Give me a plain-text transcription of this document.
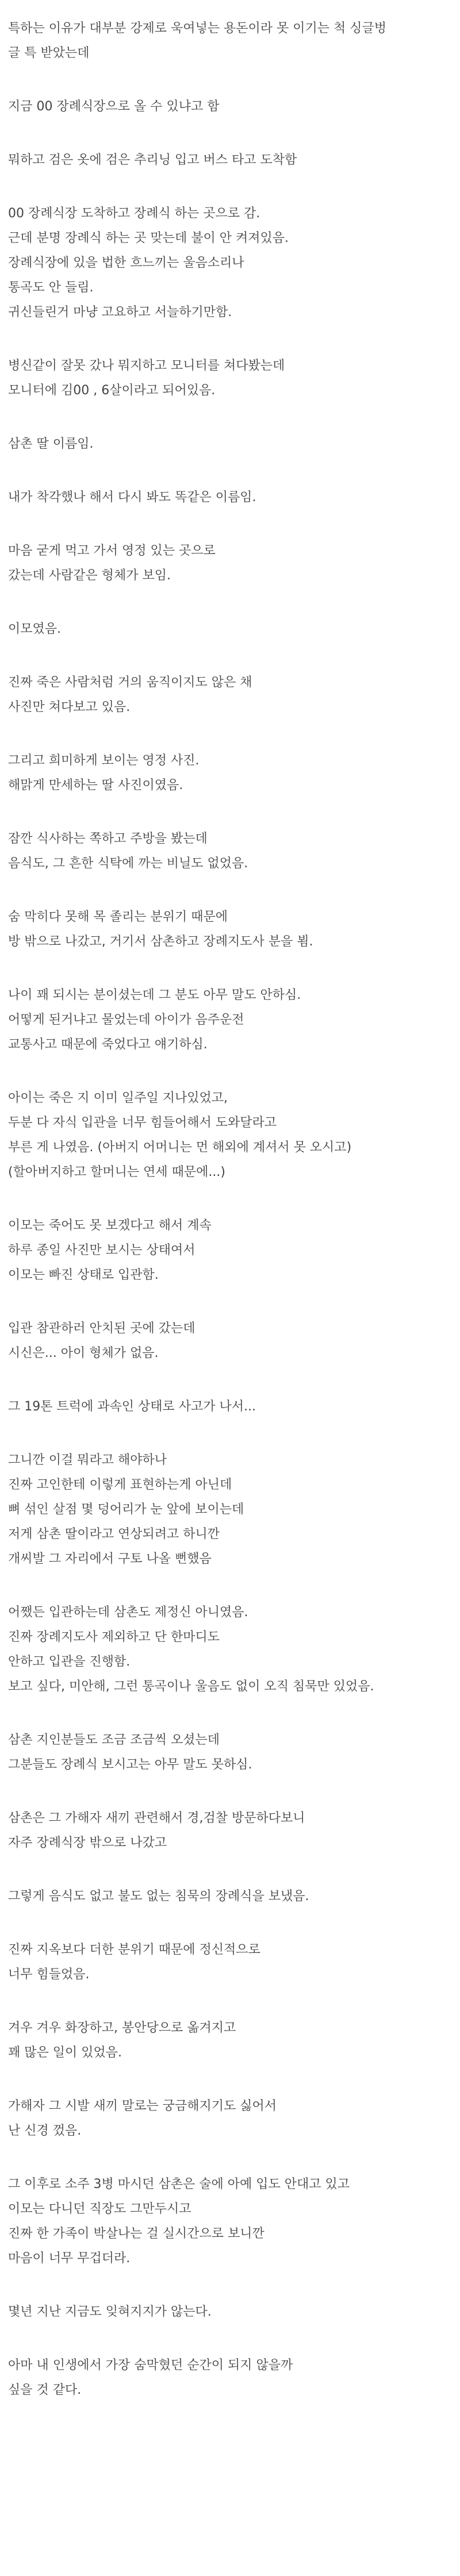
특하는 이유가 대부분 강제로 욱여넣는 용돈이라 못 이기는 척 싱글벙
글 특 받았는데
지금 00 장례식장으로 올 수 있냐고 함
뭐하고 검은 옷에 검은 추리닝 입고 버스 타고 도착함
00 장례식장 도착하고 장례식 하는 곳으로 감.
근데 분명 장례식 하는 곳 맞는데 불이 안 켜져있음.
장례식장에 있을 법한 흐느끼는 울음소리나
통곡도 안 들림.
귀신들린거 마냥 고요하고 서늘하기만함.
병신같이 잘못 갔나 뭐지하고 모니터를 쳐다봤는데
모니터에 김00 , 6살이라고 되어있음.
삼촌 딸 이름임.
내가 착각했나 해서 다시 봐도 똑같은 이름임.
마음 굳게 먹고 가서 영정 있는 곳으로
갔는데 사람같은 형체가 보임.
이모였음.
진짜 죽은 사람처럼 거의 움직이지도 않은 채
사진만 쳐다보고 있음.
그리고 희미하게 보이는 영정 사진.
해맑게 만세하는 딸 사진이였음.
잠깐 식사하는 쪽하고 주방을 봤는데
음식도, 그 흔한 식탁에 까는 비닐도 없었음.
숨 막히다 못해 목 졸리는 분위기 때문에
방 밖으로 나갔고, 거기서 삼촌하고 장례지도사 분을 뵘.
나이 꽤 되시는 분이셨는데 그 분도 아무 말도 안하심.
어떻게 된거냐고 물었는데 아이가 음주운전
교통사고 때문에 죽었다고 얘기하심.
아이는 죽은 지 이미 일주일 지나있었고,
두분 다 자식 입관을 너무 힘들어해서 도와달라고
부른 게 나였음. (아버지 어머니는 먼 해외에 계셔서 못 오시고)
(할아버지하고 할머니는 연세 때문에...)
이모는 죽어도 못 보겠다고 해서 계속
하루 종일 사진만 보시는 상태여서
이모는 빠진 상태로 입관함.
입관 참관하러 안치된 곳에 갔는데
시신은... 아이 형체가 없음.
그 19톤 트럭에 과속인 상태로 사고가 나서...
그니깐 이걸 뭐라고 해야하나
진짜 고인한테 이렇게 표현하는게 아닌데
뼈 섞인 살점 몇 덩어리가 눈 앞에 보이는데
저게 삼촌 딸이라고 연상되려고 하니깐
개씨발 그 자리에서 구토 나올 뻔했음
어쨌든 입관하는데 삼촌도 제정신 아니였음.
진짜 장례지도사 제외하고 단 한마디도
안하고 입관을 진행함.
보고 싶다, 미안해, 그런 통곡이나 울음도 없이 오직 침묵만 있었음.
삼촌 지인분들도 조금 조금씩 오셨는데
그분들도 장례식 보시고는 아무 말도 못하심.
삼촌은 그 가해자 새끼 관련해서 경,검찰 방문하다보니
자주 장례식장 밖으로 나갔고
그렇게 음식도 없고 불도 없는 침묵의 장례식을 보냈음.
진짜 지옥보다 더한 분위기 때문에 정신적으로
너무 힘들었음.
겨우 겨우 화장하고, 봉안당으로 옮겨지고
꽤 많은 일이 있었음.
가해자 그 시발 새끼 말로는 궁금해지기도 싫어서
난 신경 껐음.
그 이후로 소주 3병 마시던 삼촌은 술에 아예 입도 안대고 있고
이모는 다니던 직장도 그만두시고
진짜 한 가족이 박살나는 걸 실시간으로 보니깐
마음이 너무 무겁더라.
몇년 지난 지금도 잊혀지지가 않는다.
아마 내 인생에서 가장 숨막혔던 순간이 되지 않을까
싶을 것 같다.
